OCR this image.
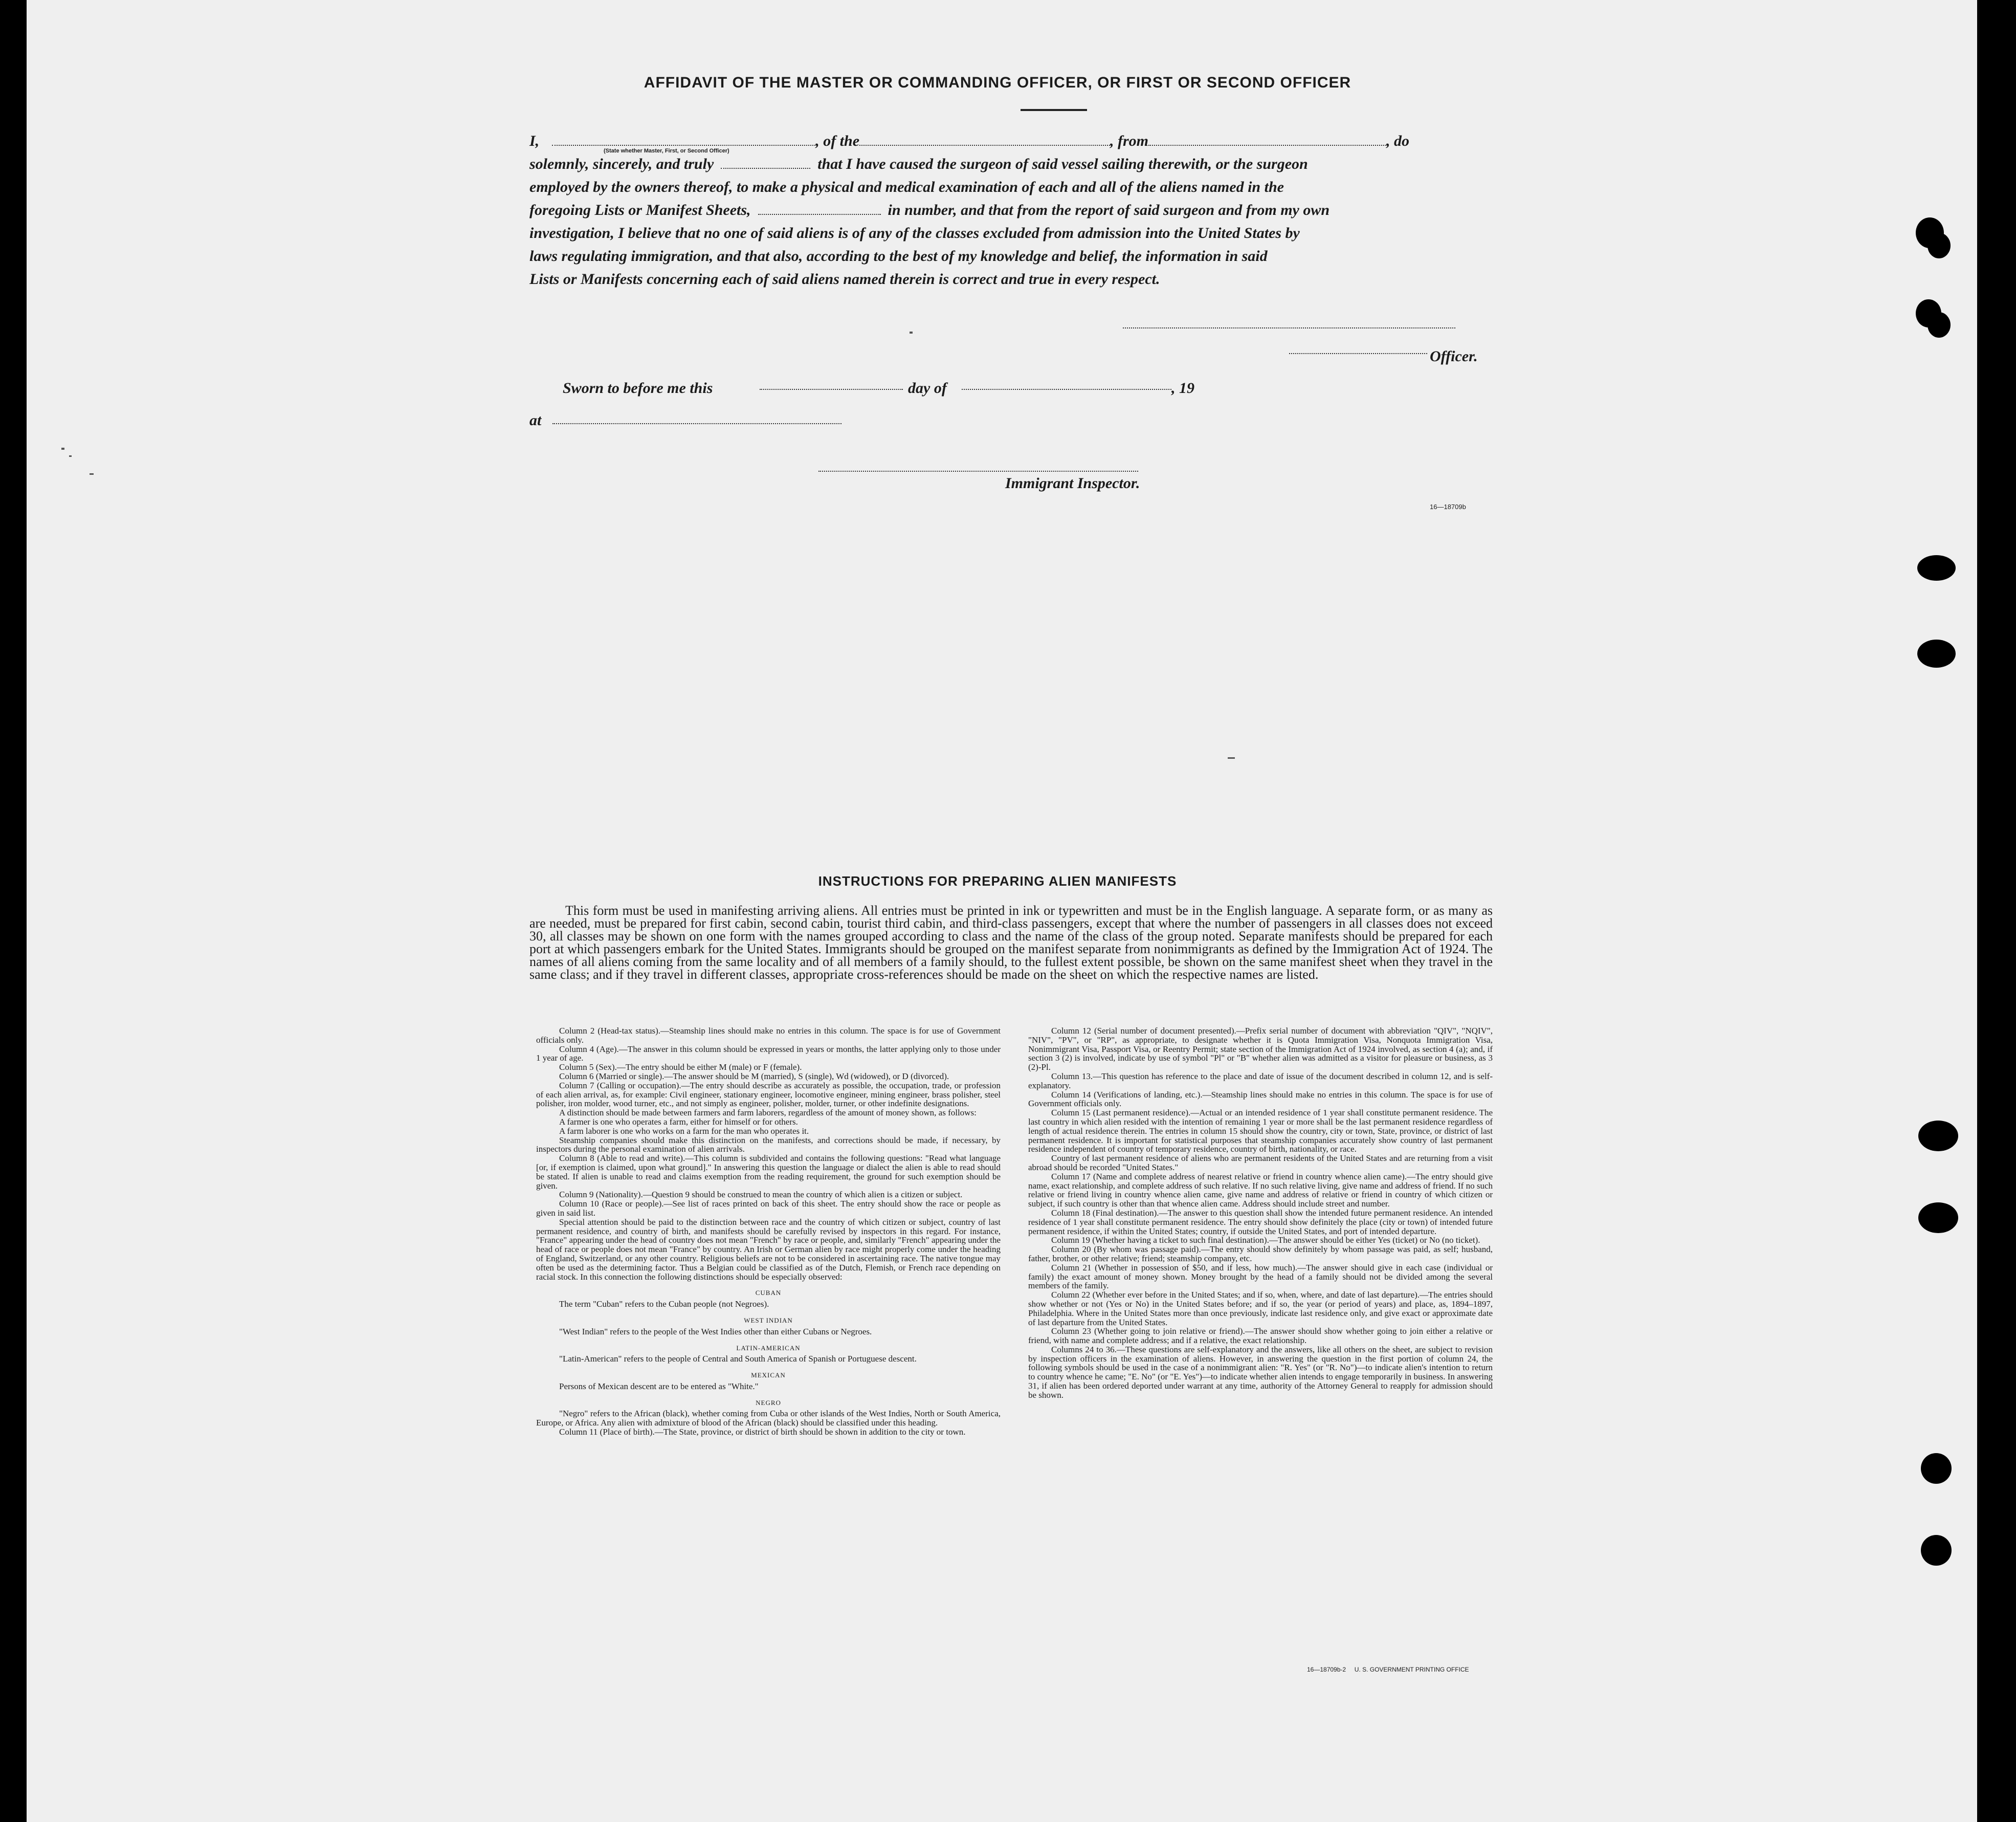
AFFIDAVIT OF THE MASTER OR COMMANDING OFFICER, OR FIRST OR SECOND OFFICER
I,	, of the	, from	, do
solemnly, sincerely, and truly	that I have caused the surgeon of said vessel sailing therewith, or the surgeon
employed by the owners thereof, to make a physical and medical examination of each and all of the aliens named in the
foregoing Lists or Manifest Sheets,	in number, and that from the report of said surgeon and from my own
investigation, I believe that no one of said aliens is of any of the classes excluded from admission into the United States by
laws regulating immigration, and that also, according to the best of my knowledge and belief, the information in said
Lists or Manifests concerning each of said aliens named therein is correct and true in every respect.
(State whether Master, First, or Second Officer)
Officer.
Sworn to before me this	day of	, 19
at
Immigrant Inspector.
16—18709b
INSTRUCTIONS FOR PREPARING ALIEN MANIFESTS
This form must be used in manifesting arriving aliens. All entries must be printed in ink or typewritten and must be in the English language. A separate form, or as many as are needed, must be prepared for first cabin, second cabin, tourist third cabin, and third-class passengers, except that where the number of passengers in all classes does not exceed 30, all classes may be shown on one form with the names grouped according to class and the name of the class of the group noted. Separate manifests should be prepared for each port at which passengers embark for the United States. Immigrants should be grouped on the manifest separate from nonimmigrants as defined by the Immigration Act of 1924. The names of all aliens coming from the same locality and of all members of a family should, to the fullest extent possible, be shown on the same manifest sheet when they travel in the same class; and if they travel in different classes, appropriate cross-references should be made on the sheet on which the respective names are listed.

Column 2 (Head-tax status).—Steamship lines should make no entries in this column. The space is for use of Government officials only.

Column 4 (Age).—The answer in this column should be expressed in years or months, the latter applying only to those under 1 year of age.

Column 5 (Sex).—The entry should be either M (male) or F (female).

Column 6 (Married or single).—The answer should be M (married), S (single), Wd (widowed), or D (divorced).

Column 7 (Calling or occupation).—The entry should describe as accurately as possible, the occupation, trade, or profession of each alien arrival, as, for example: Civil engineer, stationary engineer, locomotive engineer, mining engineer, brass polisher, steel polisher, iron molder, wood turner, etc., and not simply as engineer, polisher, molder, turner, or other indefinite designations.

A distinction should be made between farmers and farm laborers, regardless of the amount of money shown, as follows:

A farmer is one who operates a farm, either for himself or for others.

A farm laborer is one who works on a farm for the man who operates it.

Steamship companies should make this distinction on the manifests, and corrections should be made, if necessary, by inspectors during the personal examination of alien arrivals.

Column 8 (Able to read and write).—This column is subdivided and contains the following questions: "Read what language [or, if exemption is claimed, upon what ground]." In answering this question the language or dialect the alien is able to read should be stated. If alien is unable to read and claims exemption from the reading requirement, the ground for such exemption should be given.

Column 9 (Nationality).—Question 9 should be construed to mean the country of which alien is a citizen or subject.

Column 10 (Race or people).—See list of races printed on back of this sheet. The entry should show the race or people as given in said list.

Special attention should be paid to the distinction between race and the country of which citizen or subject, country of last permanent residence, and country of birth, and manifests should be carefully revised by inspectors in this regard. For instance, "France" appearing under the head of country does not mean "French" by race or people, and, similarly "French" appearing under the head of race or people does not mean "France" by country. An Irish or German alien by race might properly come under the heading of England, Switzerland, or any other country. Religious beliefs are not to be considered in ascertaining race. The native tongue may often be used as the determining factor. Thus a Belgian could be classified as of the Dutch, Flemish, or French race depending on racial stock. In this connection the following distinctions should be especially observed:

CUBAN

The term "Cuban" refers to the Cuban people (not Negroes).

WEST INDIAN

"West Indian" refers to the people of the West Indies other than either Cubans or Negroes.

LATIN-AMERICAN

"Latin-American" refers to the people of Central and South America of Spanish or Portuguese descent.

MEXICAN

Persons of Mexican descent are to be entered as "White."

NEGRO

"Negro" refers to the African (black), whether coming from Cuba or other islands of the West Indies, North or South America, Europe, or Africa. Any alien with admixture of blood of the African (black) should be classified under this heading.

Column 11 (Place of birth).—The State, province, or district of birth should be shown in addition to the city or town.

Column 12 (Serial number of document presented).—Prefix serial number of document with abbreviation "QIV", "NQIV", "NIV", "PV", or "RP", as appropriate, to designate whether it is Quota Immigration Visa, Nonquota Immigration Visa, Nonimmigrant Visa, Passport Visa, or Reentry Permit; state section of the Immigration Act of 1924 involved, as section 4 (a); and, if section 3 (2) is involved, indicate by use of symbol "Pl" or "B" whether alien was admitted as a visitor for pleasure or business, as 3 (2)-Pl.

Column 13.—This question has reference to the place and date of issue of the document described in column 12, and is self-explanatory.

Column 14 (Verifications of landing, etc.).—Steamship lines should make no entries in this column. The space is for use of Government officials only.

Column 15 (Last permanent residence).—Actual or an intended residence of 1 year shall constitute permanent residence. The last country in which alien resided with the intention of remaining 1 year or more shall be the last permanent residence regardless of length of actual residence therein. The entries in column 15 should show the country, city or town, State, province, or district of last permanent residence. It is important for statistical purposes that steamship companies accurately show country of last permanent residence independent of country of temporary residence, country of birth, nationality, or race.

Country of last permanent residence of aliens who are permanent residents of the United States and are returning from a visit abroad should be recorded "United States."

Column 17 (Name and complete address of nearest relative or friend in country whence alien came).—The entry should give name, exact relationship, and complete address of such relative. If no such relative living, give name and address of friend. If no such relative or friend living in country whence alien came, give name and address of relative or friend in country of which citizen or subject, if such country is other than that whence alien came. Address should include street and number.

Column 18 (Final destination).—The answer to this question shall show the intended future permanent residence. An intended residence of 1 year shall constitute permanent residence. The entry should show definitely the place (city or town) of intended future permanent residence, if within the United States; country, if outside the United States, and port of intended departure.

Column 19 (Whether having a ticket to such final destination).—The answer should be either Yes (ticket) or No (no ticket).

Column 20 (By whom was passage paid).—The entry should show definitely by whom passage was paid, as self; husband, father, brother, or other relative; friend; steamship company, etc.

Column 21 (Whether in possession of $50, and if less, how much).—The answer should give in each case (individual or family) the exact amount of money shown. Money brought by the head of a family should not be divided among the several members of the family.

Column 22 (Whether ever before in the United States; and if so, when, where, and date of last departure).—The entries should show whether or not (Yes or No) in the United States before; and if so, the year (or period of years) and place, as, 1894–1897, Philadelphia. Where in the United States more than once previously, indicate last residence only, and give exact or approximate date of last departure from the United States.

Column 23 (Whether going to join relative or friend).—The answer should show whether going to join either a relative or friend, with name and complete address; and if a relative, the exact relationship.

Columns 24 to 36.—These questions are self-explanatory and the answers, like all others on the sheet, are subject to revision by inspection officers in the examination of aliens. However, in answering the question in the first portion of column 24, the following symbols should be used in the case of a nonimmigrant alien: "R. Yes" (or "R. No")—to indicate alien's intention to return to country whence he came; "E. No" (or "E. Yes")—to indicate whether alien intends to engage temporarily in business. In answering 31, if alien has been ordered deported under warrant at any time, authority of the Attorney General to reapply for admission should be shown.

16—18709b-2     U. S. GOVERNMENT PRINTING OFFICE
